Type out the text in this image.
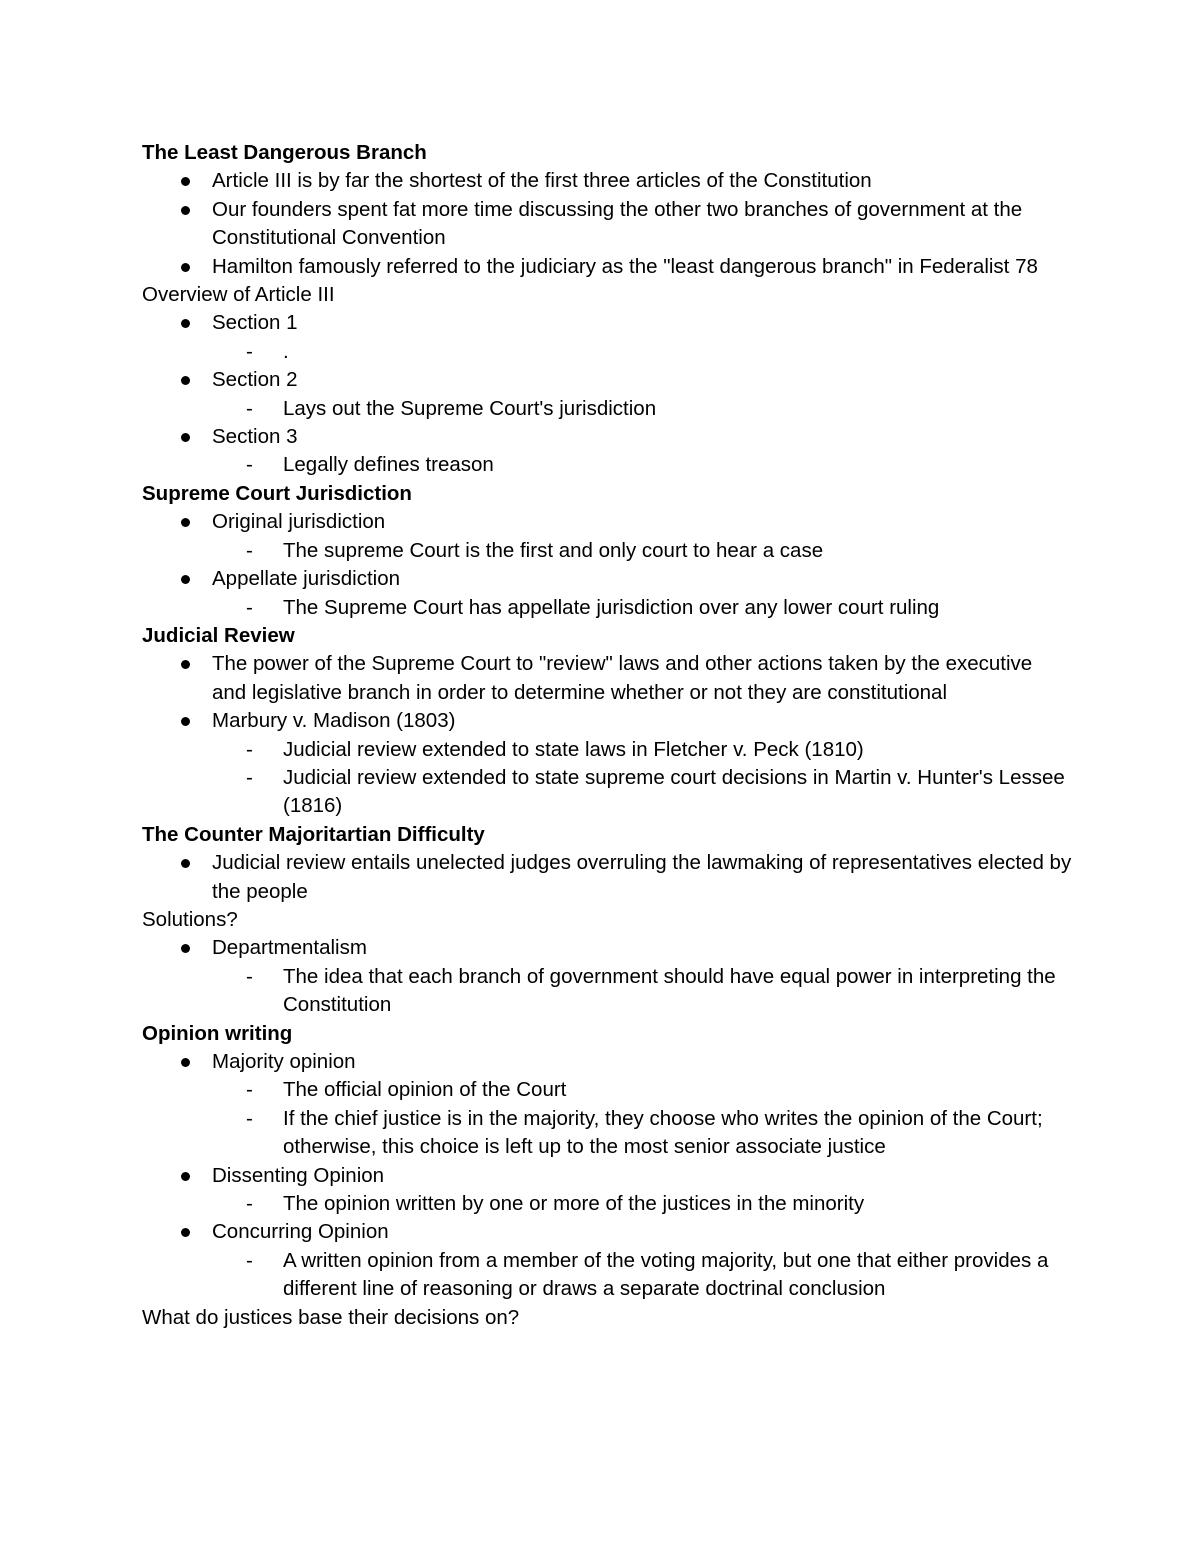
The Least Dangerous Branch
Article III is by far the shortest of the first three articles of the Constitution
Our founders spent fat more time discussing the other two branches of government at the Constitutional Convention
Hamilton famously referred to the judiciary as the "least dangerous branch" in Federalist 78
Overview of Article III
Section 1
- .
Section 2
- Lays out the Supreme Court's jurisdiction
Section 3
- Legally defines treason
Supreme Court Jurisdiction
Original jurisdiction
- The supreme Court is the first and only court to hear a case
Appellate jurisdiction
- The Supreme Court has appellate jurisdiction over any lower court ruling
Judicial Review
The power of the Supreme Court to "review" laws and other actions taken by the executive and legislative branch in order to determine whether or not they are constitutional
Marbury v. Madison (1803)
- Judicial review extended to state laws in Fletcher v. Peck (1810)
- Judicial review extended to state supreme court decisions in Martin v. Hunter's Lessee (1816)
The Counter Majoritartian Difficulty
Judicial review entails unelected judges overruling the lawmaking of representatives elected by the people
Solutions?
Departmentalism
- The idea that each branch of government should have equal power in interpreting the Constitution
Opinion writing
Majority opinion
- The official opinion of the Court
- If the chief justice is in the majority, they choose who writes the opinion of the Court; otherwise, this choice is left up to the most senior associate justice
Dissenting Opinion
- The opinion written by one or more of the justices in the minority
Concurring Opinion
- A written opinion from a member of the voting majority, but one that either provides a different line of reasoning or draws a separate doctrinal conclusion
What do justices base their decisions on?
